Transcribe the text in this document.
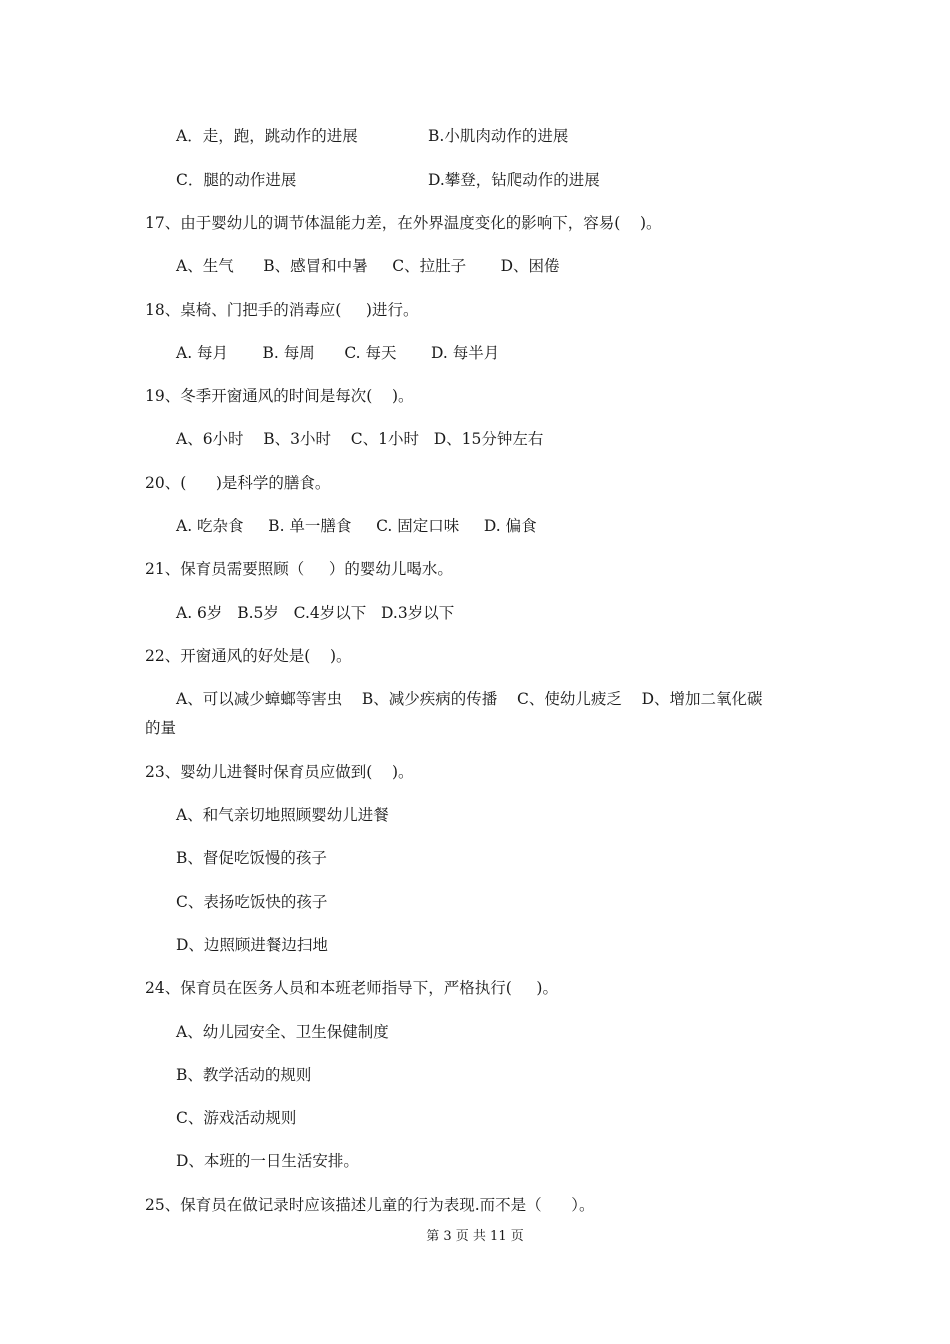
A．走，跑，跳动作的进展	B.小肌肉动作的进展
C．腿的动作进展	D.攀登，钻爬动作的进展
17、由于婴幼儿的调节体温能力差，在外界温度变化的影响下，容易(    )。
A、生气      B、感冒和中暑     C、拉肚子       D、困倦
18、桌椅、门把手的消毒应(     )进行。
A. 每月       B. 每周      C. 每天       D. 每半月
19、冬季开窗通风的时间是每次(    )。
A、6小时    B、3小时    C、1小时   D、15分钟左右
20、(      )是科学的膳食。
A. 吃杂食     B. 单一膳食     C. 固定口味     D. 偏食
21、保育员需要照顾（     ）的婴幼儿喝水。
A. 6岁   B.5岁   C.4岁以下   D.3岁以下
22、开窗通风的好处是(    )。
A、可以减少蟑螂等害虫    B、减少疾病的传播    C、使幼儿疲乏    D、增加二氧化碳
的量
23、婴幼儿进餐时保育员应做到(    )。
A、和气亲切地照顾婴幼儿进餐
B、督促吃饭慢的孩子
C、表扬吃饭快的孩子
D、边照顾进餐边扫地
24、保育员在医务人员和本班老师指导下，严格执行(     )。
A、幼儿园安全、卫生保健制度
B、教学活动的规则
C、游戏活动规则
D、本班的一日生活安排。
25、保育员在做记录时应该描述儿童的行为表现.而不是（      ）。
第 3 页 共 11 页
